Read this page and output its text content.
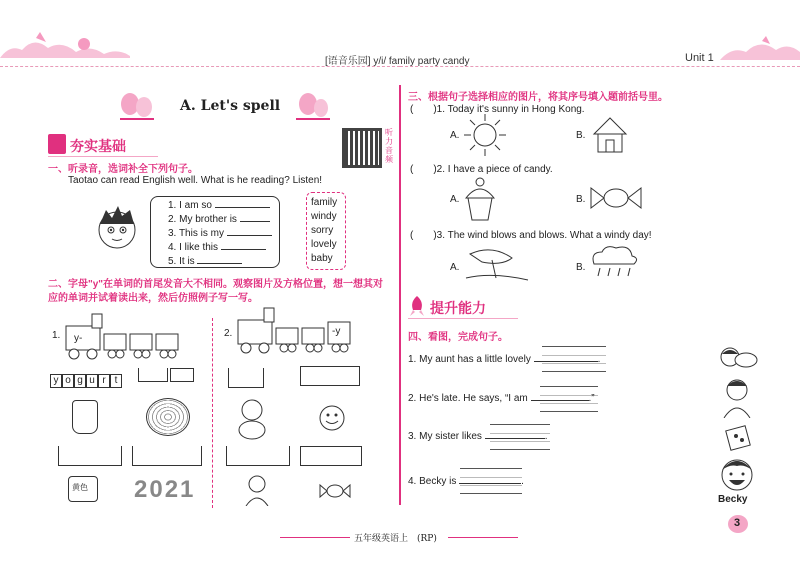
[语音乐园] y/i/ family party candy	Unit 1
A. Let's spell
夯实基础
听力音频
一、听录音，选词补全下列句子。
Taotao can read English well. What is he reading? Listen!
1. I am so
2. My brother is
3. This is my
4. I like this
5. It is
family
windy
sorry
lovely
baby
二、字母"y"在单词的首尾发音大不相同。观察图片及方格位置，想一想其对应的单词并试着读出来，然后仿照例子写一写。
1. y-
y o g u r t
黄色 2021
2.	-y
三、根据句子选择相应的图片，将其序号填入题前括号里。
(　　)1. Today it's sunny in Hong Kong.
A.	B.
(　　)2. I have a piece of candy.
A.	B.
(　　)3. The wind blows and blows. What a windy day!
A.	B.
提升能力
四、看图，完成句子。
1. My aunt has a little lovely	.
2. He's late. He says, “I am	.”
3. My sister likes	.
4. Becky is	.
Becky
五年级英语上　(RP)
3
